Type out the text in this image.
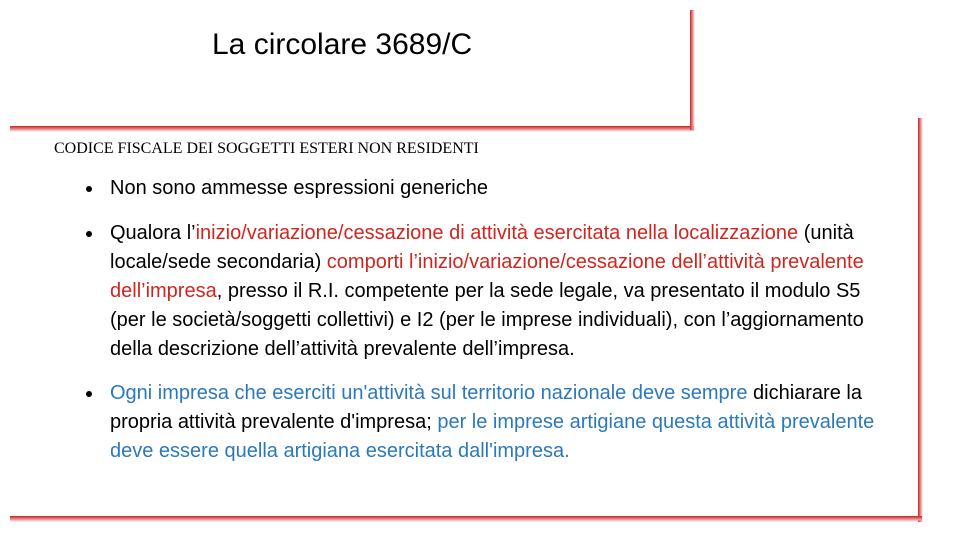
La circolare 3689/C
CODICE FISCALE DEI SOGGETTI ESTERI NON RESIDENTI
Non sono ammesse espressioni generiche
Qualora l’inizio/variazione/cessazione di attività esercitata nella localizzazione (unità locale/sede secondaria) comporti l’inizio/variazione/cessazione dell’attività prevalente dell’impresa, presso il R.I. competente per la sede legale, va presentato il modulo S5 (per le società/soggetti collettivi) e I2 (per le imprese individuali), con l’aggiornamento della descrizione dell’attività prevalente dell’impresa.
Ogni impresa che eserciti un'attività sul territorio nazionale deve sempre dichiarare la propria attività prevalente d'impresa; per le imprese artigiane questa attività prevalente deve essere quella artigiana esercitata dall'impresa.
